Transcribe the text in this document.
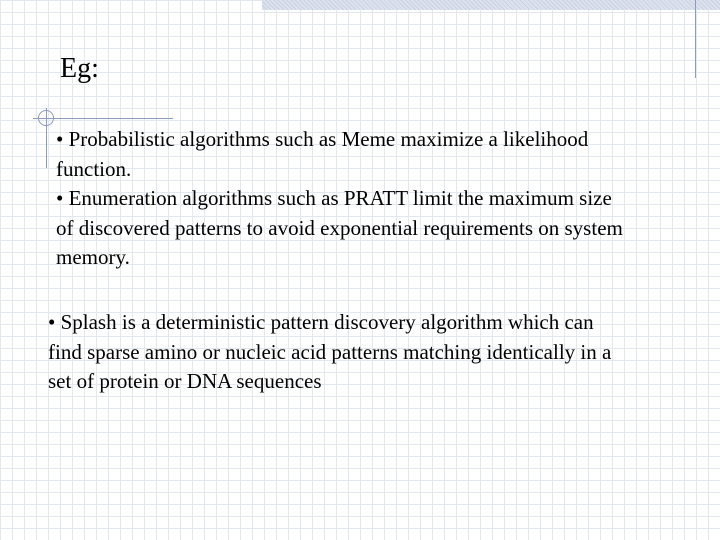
Eg:
• Probabilistic algorithms such as Meme maximize a likelihood
function.
• Enumeration algorithms such as PRATT limit the maximum size
of discovered patterns to avoid exponential requirements on system
memory.
• Splash is a deterministic pattern discovery algorithm which can
find sparse amino or nucleic acid patterns matching identically in a
set of protein or DNA sequences
